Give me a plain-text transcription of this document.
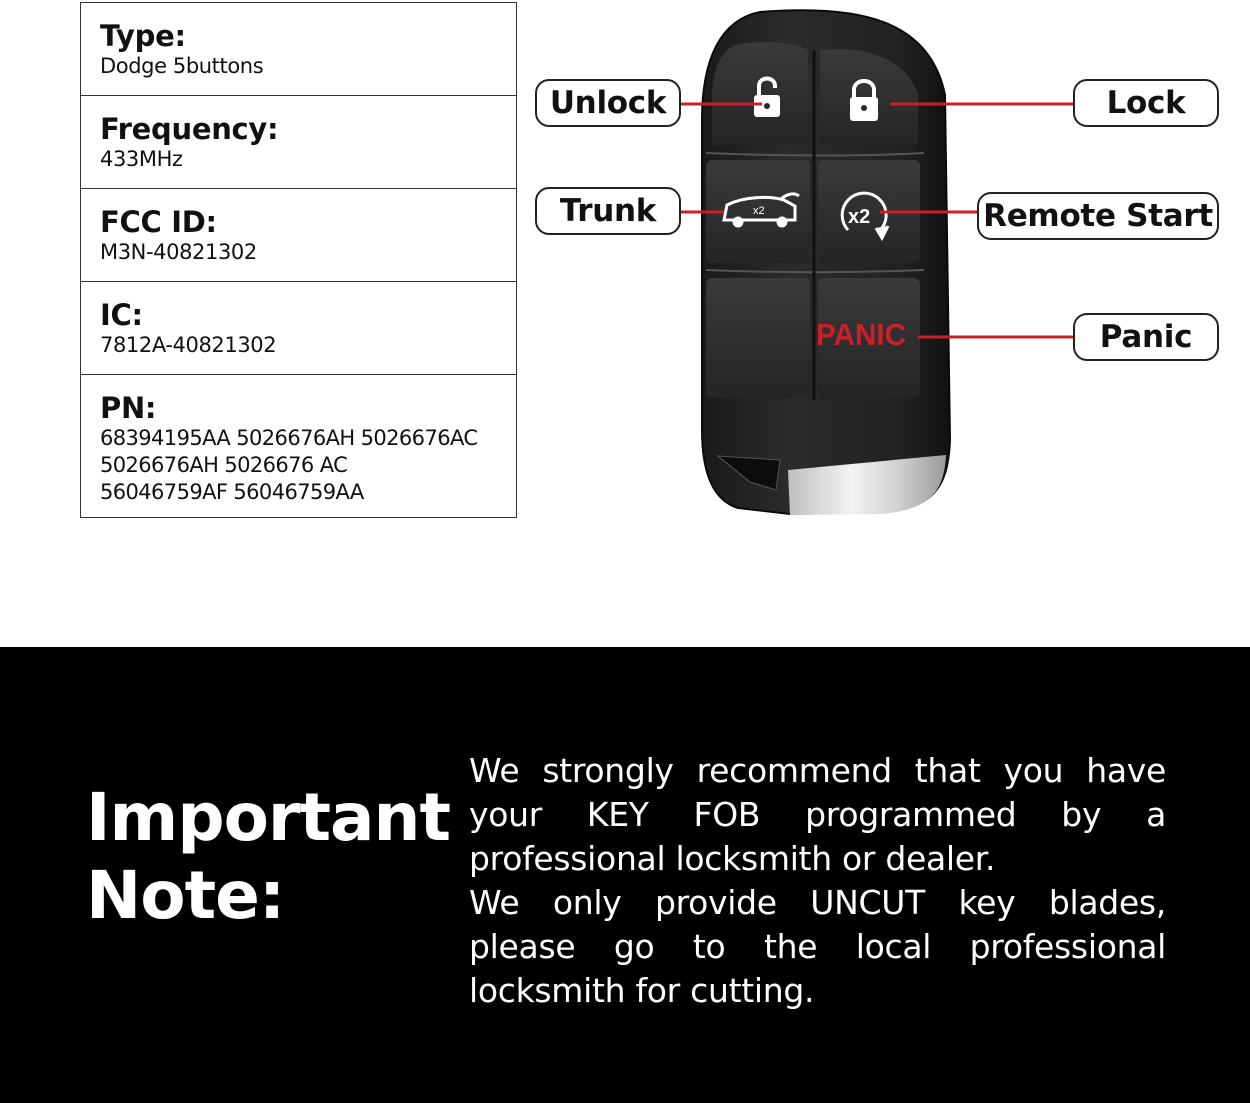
Type:
Dodge 5buttons
Frequency:
433MHz
FCC ID:
M3N-40821302
IC:
7812A-40821302
PN:
68394195AA 5026676AH 5026676AC
5026676AH 5026676 AC
56046759AF 56046759AA
x2	x2
PANIC
Unlock	Lock
Trunk	Remote Start
Panic
Important
Note:

We strongly recommend that you have your KEY FOB programmed by a professional locksmith or dealer.

We only provide UNCUT key blades, please go to the local professional locksmith for cutting.
